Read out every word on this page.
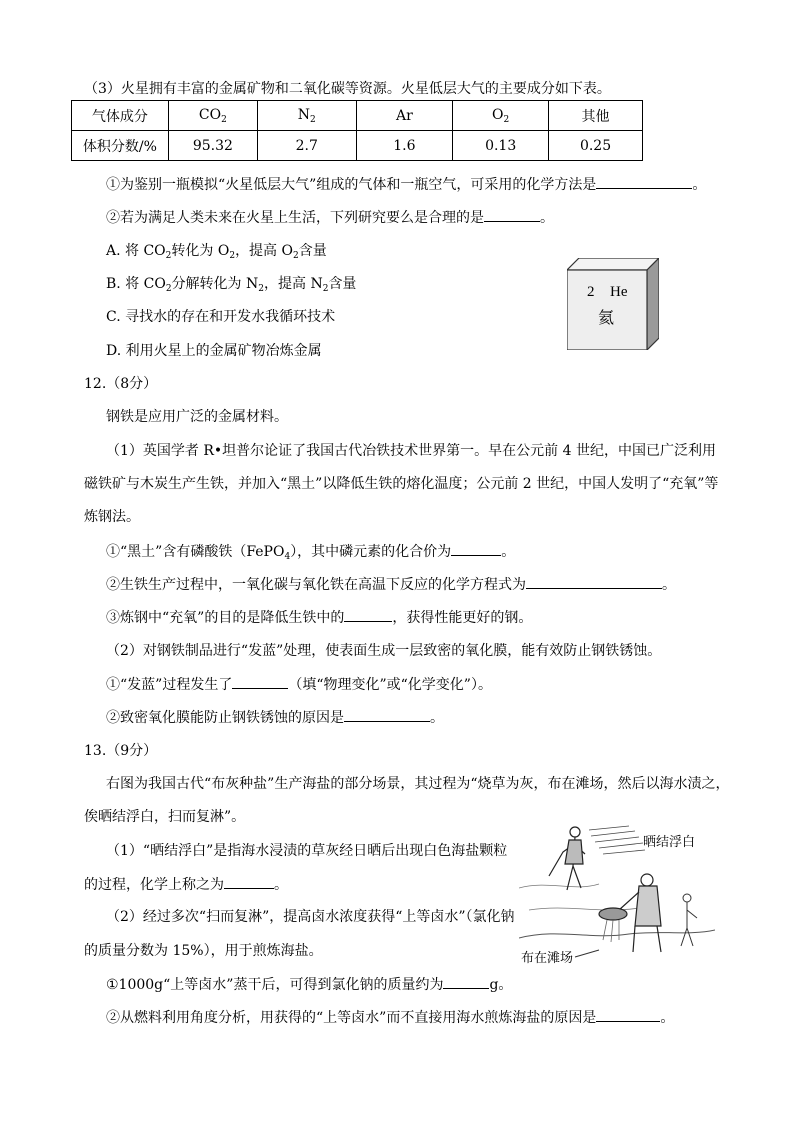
（3）火星拥有丰富的金属矿物和二氧化碳等资源。火星低层大气的主要成分如下表。
气体成分	$CO_2$	$N_2$	Ar	$O_2$	其他
体积分数/%	95.32	2.7	1.6	0.13	0.25
①为鉴别一瓶模拟“火星低层大气”组成的气体和一瓶空气，可采用的化学方法是	。
②若为满足人类未来在火星上生活，下列研究要么是合理的是	。
A. 将 $CO_2$转化为 $O_2$，提高 $O_2$含量
B. 将 $CO_2$分解转化为 $N_2$，提高 $N_2$含量
C. 寻找水的存在和开发水我循环技术
D. 利用火星上的金属矿物冶炼金属
2 He
氦
12.（8分）
钢铁是应用广泛的金属材料。
（1）英国学者 R•坦普尔论证了我国古代冶铁技术世界第一。早在公元前 4 世纪，中国已广泛利用
磁铁矿与木炭生产生铁，并加入“黑土”以降低生铁的熔化温度；公元前 2 世纪，中国人发明了“充氧”等
炼钢法。
①“黑土”含有磷酸铁（FePO$_4$），其中磷元素的化合价为	。
②生铁生产过程中，一氧化碳与氧化铁在高温下反应的化学方程式为	。
③炼钢中“充氧”的目的是降低生铁中的	，获得性能更好的钢。
（2）对钢铁制品进行“发蓝”处理，使表面生成一层致密的氧化膜，能有效防止钢铁锈蚀。
①“发蓝”过程发生了	（填“物理变化”或“化学变化”）。
②致密氧化膜能防止钢铁锈蚀的原因是	。
13.（9分）
右图为我国古代“布灰种盐”生产海盐的部分场景，其过程为“烧草为灰，布在滩场，然后以海水渍之，
俟晒结浮白，扫而复淋”。
（1）“晒结浮白”是指海水浸渍的草灰经日晒后出现白色海盐颗粒
的过程，化学上称之为	。
（2）经过多次“扫而复淋”，提高卤水浓度获得“上等卤水”（氯化钠
的质量分数为 15%），用于煎炼海盐。
①1000g“上等卤水”蒸干后，可得到氯化钠的质量约为	g。
②从燃料利用角度分析，用获得的“上等卤水”而不直接用海水煎炼海盐的原因是	。
晒结浮白
布在滩场
